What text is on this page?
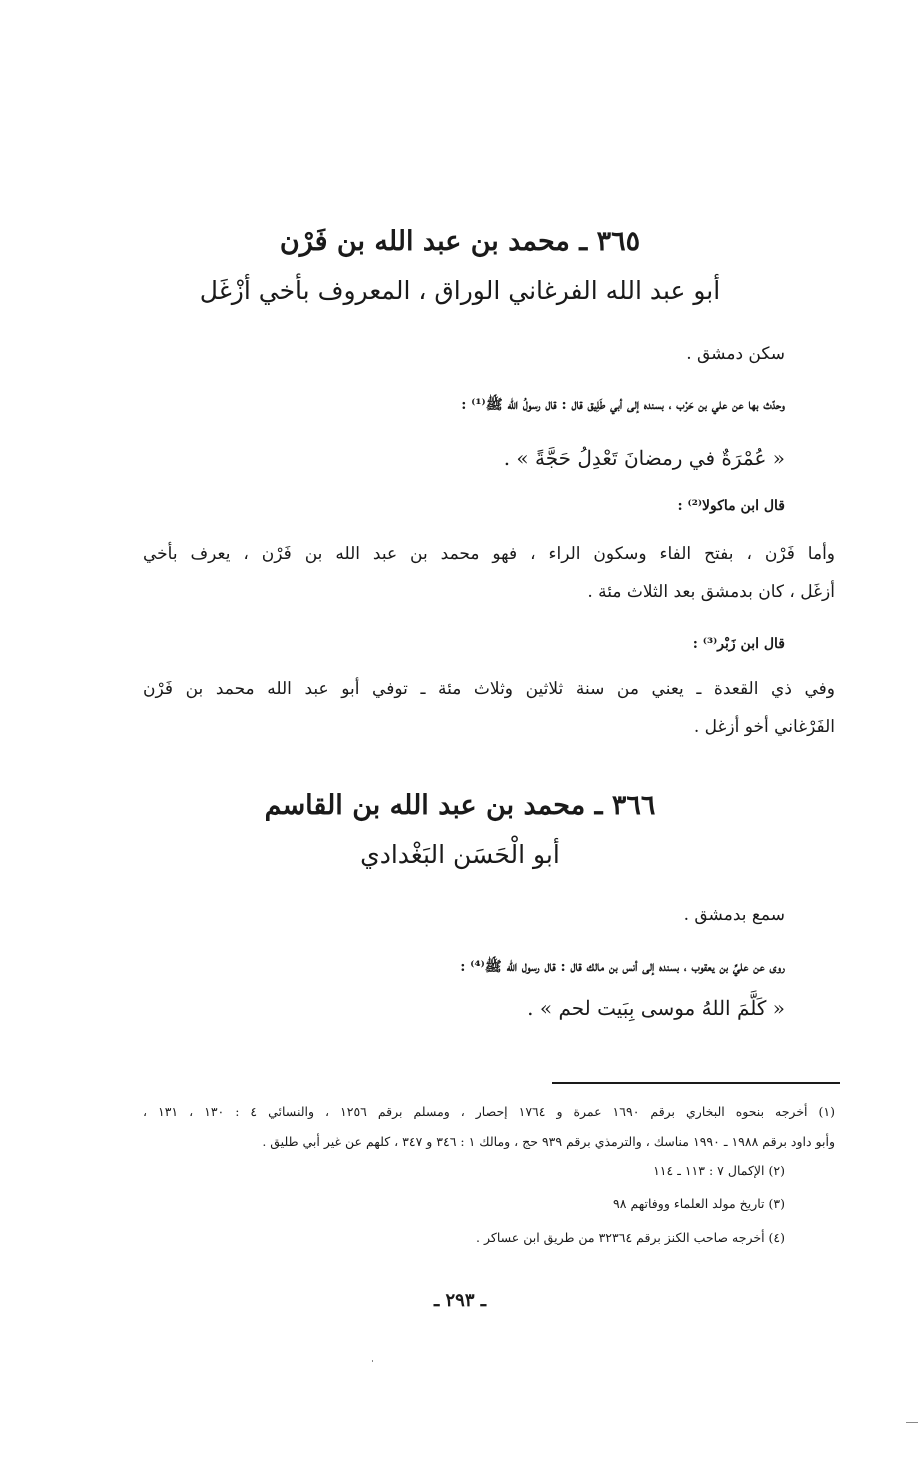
٣٦٥ ـ محمد بن عبد الله بن فَرْن

أبو عبد الله الفرغاني الوراق ، المعروف بأخي أزْغَل

سكن دمشق .

وحدّث بها عن علي بن حَرْب ، بسنده إلى أبي طَلِيق قال : قال رسولُ الله ﷺ⁽¹⁾ :

« عُمْرَةٌ في رمضانَ تَعْدِلُ حَجَّةً » .

قال ابن ماكولا⁽²⁾ :

وأما فَرْن ، بفتح الفاء وسكون الراء ، فهو محمد بن عبد الله بن فَرْن ، يعرف بأخي

أزغَل ، كان بدمشق بعد الثلاث مئة .

قال ابن زَبْر⁽³⁾ :

وفي ذي القعدة ـ يعني من سنة ثلاثين وثلاث مئة ـ توفي أبو عبد الله محمد بن فَرْن

الفَرْغاني أخو أزغل .

٣٦٦ ـ محمد بن عبد الله بن القاسم

أبو الْحَسَن البَغْدادي

سمع بدمشق .

روى عن عليِّ بن يعقوب ، بسنده إلى أنس بن مالك قال : قال رسول الله ﷺ⁽⁴⁾ :

« كَلَّمَ اللهُ موسى بِبَيت لحم » .

(١) أخرجه بنحوه البخاري برقم ١٦٩٠ عمرة و ١٧٦٤ إحصار ، ومسلم برقم ١٢٥٦ ، والنسائي ٤ : ١٣٠ ، ١٣١ ،

وأبو داود برقم ١٩٨٨ ـ ١٩٩٠ مناسك ، والترمذي برقم ٩٣٩ حج ، ومالك ١ : ٣٤٦ و ٣٤٧ ، كلهم عن غير أبي طليق .

(٢) الإكمال ٧ : ١١٣ ـ ١١٤

(٣) تاريخ مولد العلماء ووفاتهم ٩٨

(٤) أخرجه صاحب الكنز برقم ٣٢٣٦٤ من طريق ابن عساكر .

ـ ٢٩٣ ـ
